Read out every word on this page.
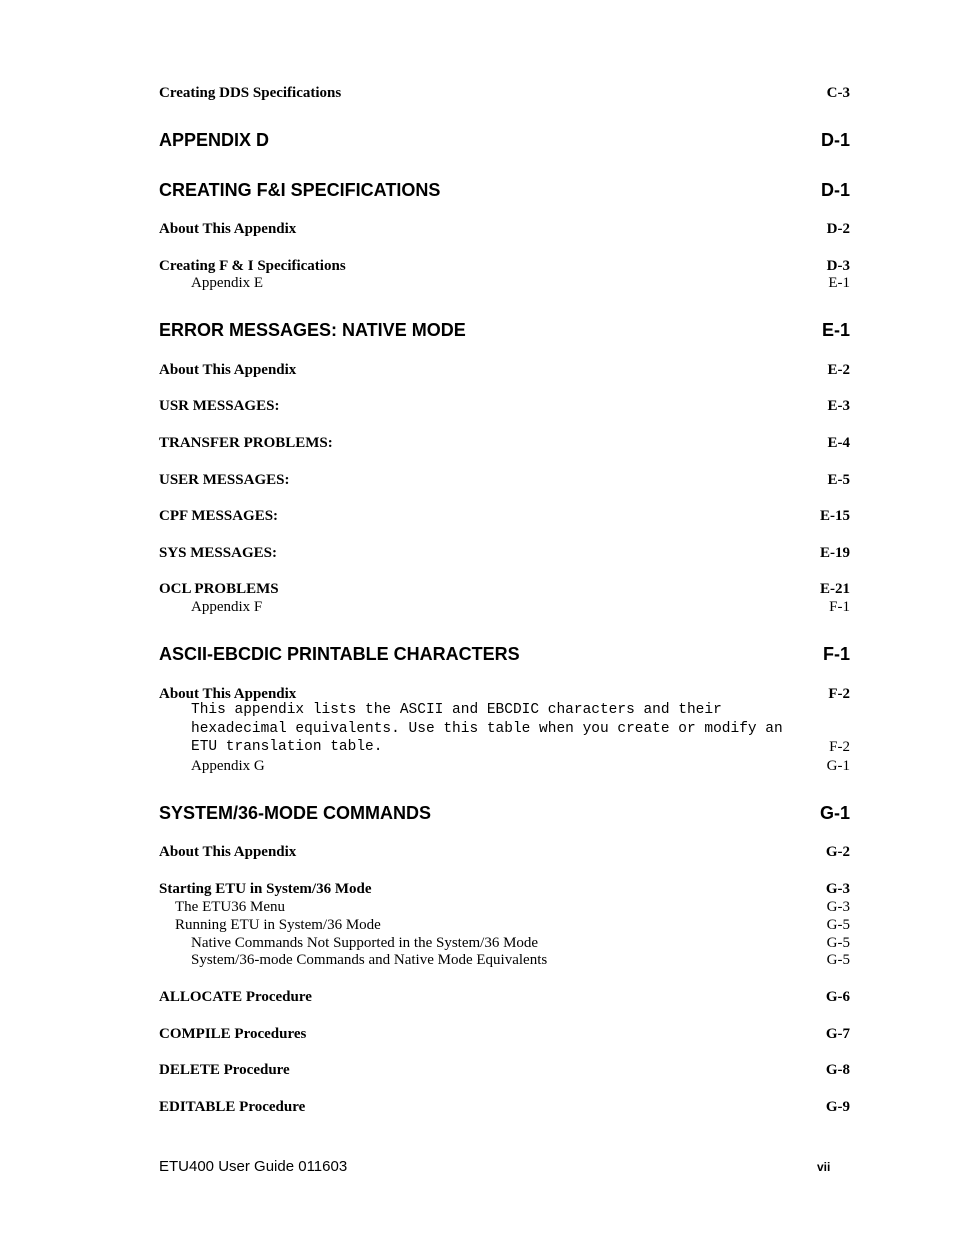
Creating DDS Specifications	C-3
APPENDIX D	D-1
CREATING F&I SPECIFICATIONS	D-1
About This Appendix	D-2
Creating F & I Specifications	D-3
Appendix E	E-1
ERROR MESSAGES: NATIVE MODE	E-1
About This Appendix	E-2
USR MESSAGES:	E-3
TRANSFER PROBLEMS:	E-4
USER MESSAGES:	E-5
CPF MESSAGES:	E-15
SYS MESSAGES:	E-19
OCL PROBLEMS	E-21
Appendix F	F-1
ASCII-EBCDIC PRINTABLE CHARACTERS	F-1
About This Appendix	F-2
This appendix lists the ASCII and EBCDIC characters and their
hexadecimal equivalents. Use this table when you create or modify an
ETU translation table.	F-2
Appendix G	G-1
SYSTEM/36-MODE COMMANDS	G-1
About This Appendix	G-2
Starting ETU in System/36 Mode	G-3
The ETU36 Menu	G-3
Running ETU in System/36 Mode	G-5
Native Commands Not Supported in the System/36 Mode	G-5
System/36-mode Commands and Native Mode Equivalents	G-5
ALLOCATE Procedure	G-6
COMPILE Procedures	G-7
DELETE Procedure	G-8
EDITABLE Procedure	G-9
ETU400 User Guide 011603	vii
